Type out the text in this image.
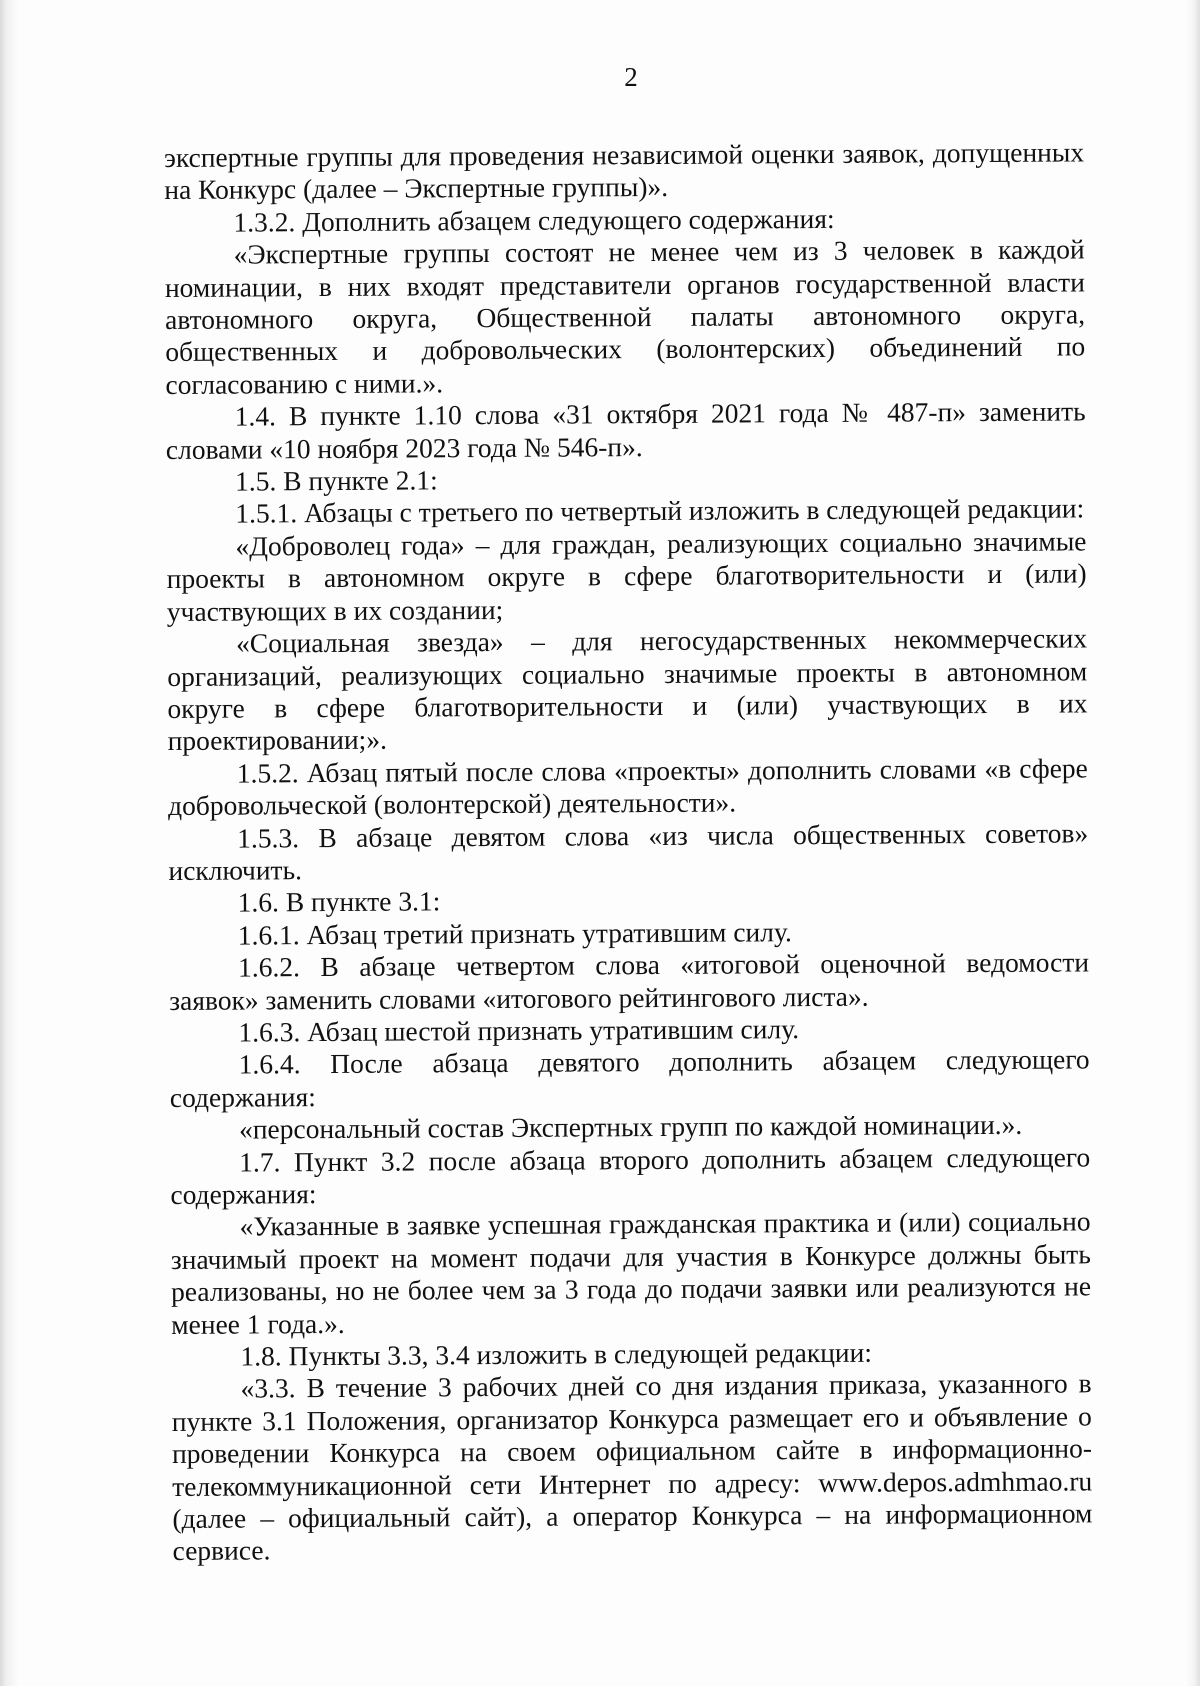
2

экспертные группы для проведения независимой оценки заявок, допущенных на Конкурс (далее – Экспертные группы)».

1.3.2. Дополнить абзацем следующего содержания:

«Экспертные группы состоят не менее чем из 3 человек в каждой номинации, в них входят представители органов государственной власти автономного округа, Общественной палаты автономного округа, общественных и добровольческих (волонтерских) объединений по согласованию с ними.».

1.4. В пункте 1.10 слова «31 октября 2021 года № 487-п» заменить словами «10 ноября 2023 года № 546-п».

1.5. В пункте 2.1:

1.5.1. Абзацы с третьего по четвертый изложить в следующей редакции:

«Доброволец года» – для граждан, реализующих социально значимые проекты в автономном округе в сфере благотворительности и (или) участвующих в их создании;

«Социальная звезда» – для негосударственных некоммерческих организаций, реализующих социально значимые проекты в автономном округе в сфере благотворительности и (или) участвующих в их проектировании;».

1.5.2. Абзац пятый после слова «проекты» дополнить словами «в сфере добровольческой (волонтерской) деятельности».

1.5.3. В абзаце девятом слова «из числа общественных советов» исключить.

1.6. В пункте 3.1:

1.6.1. Абзац третий признать утратившим силу.

1.6.2. В абзаце четвертом слова «итоговой оценочной ведомости заявок» заменить словами «итогового рейтингового листа».

1.6.3. Абзац шестой признать утратившим силу.

1.6.4. После абзаца девятого дополнить абзацем следующего содержания:

«персональный состав Экспертных групп по каждой номинации.».

1.7. Пункт 3.2 после абзаца второго дополнить абзацем следующего содержания:

«Указанные в заявке успешная гражданская практика и (или) социально значимый проект на момент подачи для участия в Конкурсе должны быть реализованы, но не более чем за 3 года до подачи заявки или реализуются не менее 1 года.».

1.8. Пункты 3.3, 3.4 изложить в следующей редакции:

«3.3. В течение 3 рабочих дней со дня издания приказа, указанного в пункте 3.1 Положения, организатор Конкурса размещает его и объявление о проведении Конкурса на своем официальном сайте в информационно-телекоммуникационной сети Интернет по адресу: www.depos.admhmao.ru (далее – официальный сайт), а оператор Конкурса – на информационном сервисе.
